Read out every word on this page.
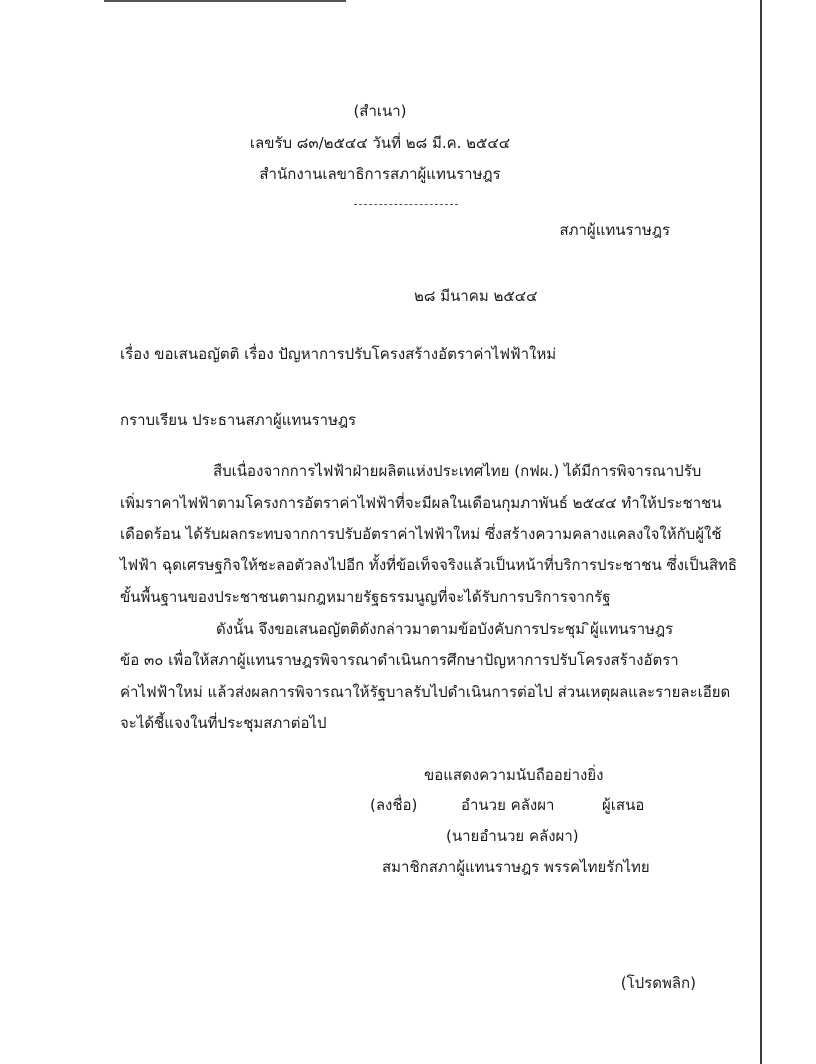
(สำเนา)
เลขรับ ๘๓/๒๕๔๔ วันที่ ๒๘ มี.ค. ๒๕๔๔
สำนักงานเลขาธิการสภาผู้แทนราษฎร
สภาผู้แทนราษฎร
๒๘ มีนาคม ๒๕๔๔
เรื่อง ขอเสนอญัตติ เรื่อง ปัญหาการปรับโครงสร้างอัตราค่าไฟฟ้าใหม่
กราบเรียน ประธานสภาผู้แทนราษฎร
สืบเนื่องจากการไฟฟ้าฝ่ายผลิตแห่งประเทศไทย (กฟผ.) ได้มีการพิจารณาปรับ
เพิ่มราคาไฟฟ้าตามโครงการอัตราค่าไฟฟ้าที่จะมีผลในเดือนกุมภาพันธ์ ๒๕๔๔ ทำให้ประชาชน
เดือดร้อน ได้รับผลกระทบจากการปรับอัตราค่าไฟฟ้าใหม่ ซึ่งสร้างความคลางแคลงใจให้กับผู้ใช้
ไฟฟ้า ฉุดเศรษฐกิจให้ชะลอตัวลงไปอีก ทั้งที่ข้อเท็จจริงแล้วเป็นหน้าที่บริการประชาชน ซึ่งเป็นสิทธิ
ขั้นพื้นฐานของประชาชนตามกฎหมายรัฐธรรมนูญที่จะได้รับการบริการจากรัฐ
ดังนั้น จึงขอเสนอญัตติดังกล่าวมาตามข้อบังคับการประชุม ิผู้แทนราษฎร
ข้อ ๓๐ เพื่อให้สภาผู้แทนราษฎรพิจารณาดำเนินการศึกษาปัญหาการปรับโครงสร้างอัตรา
ค่าไฟฟ้าใหม่ แล้วส่งผลการพิจารณาให้รัฐบาลรับไปดำเนินการต่อไป ส่วนเหตุผลและรายละเอียด
จะได้ชี้แจงในที่ประชุมสภาต่อไป
ขอแสดงความนับถืออย่างยิ่ง
(ลงชื่อ)	อำนวย คลังผา	ผู้เสนอ
(นายอำนวย คลังผา)
สมาชิกสภาผู้แทนราษฎร พรรคไทยรักไทย
(โปรดพลิก)
